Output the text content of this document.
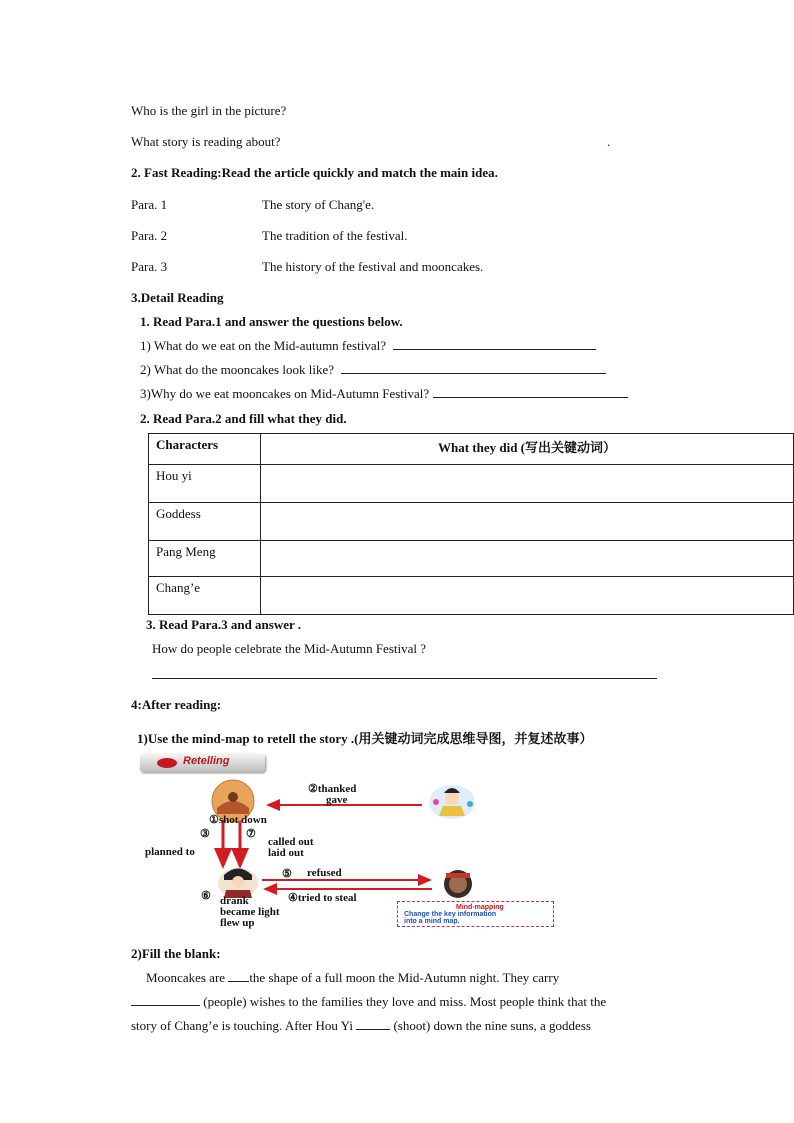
Who is the girl in the picture?
What story is reading about?	.
2. Fast Reading:Read the article quickly and match the main idea.
Para. 1	The story of Chang'e.
Para. 2	The tradition of the festival.
Para. 3	The history of the festival and mooncakes.
3.Detail Reading
1. Read Para.1 and answer the questions below.
1) What do we eat on the Mid-autumn festival?
2) What do the mooncakes look like?
3)Why do we eat mooncakes on Mid-Autumn Festival?
2. Read Para.2 and fill what they did.
Characters	What they did (写出关键动词）
Hou yi	
Goddess	
Pang Meng	
Chang’e	
3. Read Para.3 and answer .
How do people celebrate the Mid-Autumn Festival ?
4:After reading:
1)Use the mind-map to retell the story .(用关键动词完成思维导图，并复述故事）
Retelling
②thanked
gave
①shot down
③	⑦
planned to
called out
laid out
⑤ refused
⑥	④tried to steal
drank
became light
flew up
Mind-mapping
Change the key information
into a mind map.
2)Fill the blank:
Mooncakes are the shape of a full moon the Mid-Autumn night. They carry
(people) wishes to the families they love and miss. Most people think that the
story of Chang’e is touching. After Hou Yi	(shoot) down the nine suns, a goddess
